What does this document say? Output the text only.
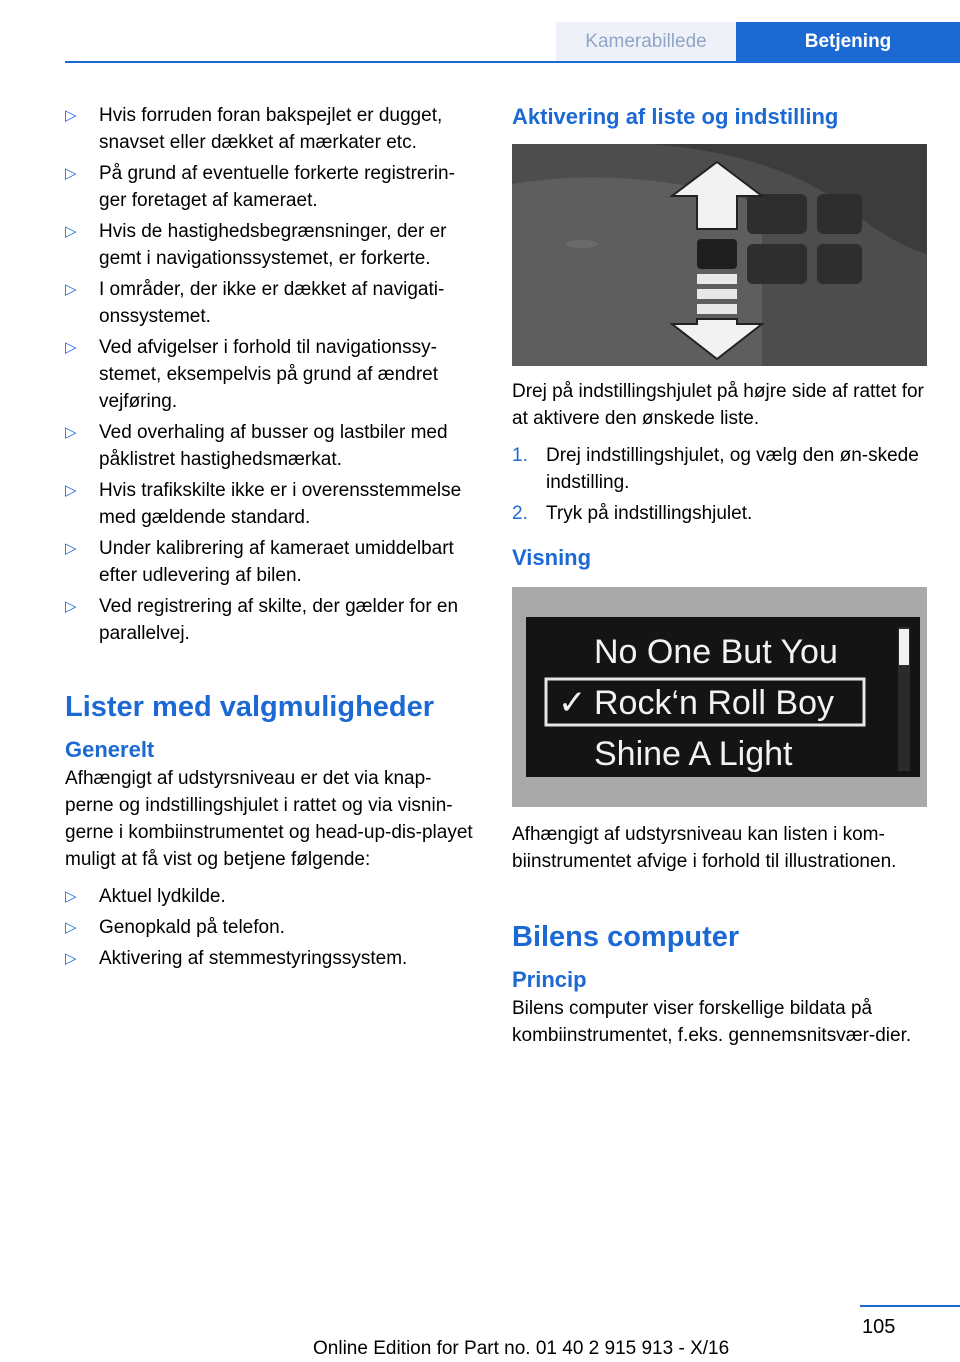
Kamerabillede	Betjening
▷ Hvis forruden foran bakspejlet er dugget, snavset eller dækket af mærkater etc.
▷ På grund af eventuelle forkerte registrerin-ger foretaget af kameraet.
▷ Hvis de hastighedsbegrænsninger, der er gemt i navigationssystemet, er forkerte.
▷ I områder, der ikke er dækket af navigati-onssystemet.
▷ Ved afvigelser i forhold til navigationssy-stemet, eksempelvis på grund af ændret vejføring.
▷ Ved overhaling af busser og lastbiler med påklistret hastighedsmærkat.
▷ Hvis trafikskilte ikke er i overensstemmelse med gældende standard.
▷ Under kalibrering af kameraet umiddelbart efter udlevering af bilen.
▷ Ved registrering af skilte, der gælder for en parallelvej.
Lister med valgmuligheder
Generelt

Afhængigt af udstyrsniveau er det via knap-perne og indstillingshjulet i rattet og via visnin-gerne i kombiinstrumentet og head-up-dis-playet muligt at få vist og betjene følgende:

▷ Aktuel lydkilde.
▷ Genopkald på telefon.
▷ Aktivering af stemmestyringssystem.
Aktivering af liste og indstilling

Drej på indstillingshjulet på højre side af rattet for at aktivere den ønskede liste.

1. Drej indstillingshjulet, og vælg den øn-skede indstilling.
2. Tryk på indstillingshjulet.
Visning
No One But You
✓ Rock‘n Roll Boy
Shine A Light

Afhængigt af udstyrsniveau kan listen i kom-biinstrumentet afvige i forhold til illustrationen.

Bilens computer
Princip

Bilens computer viser forskellige bildata på kombiinstrumentet, f.eks. gennemsnitsvær-dier.

105
Online Edition for Part no. 01 40 2 915 913 - X/16
